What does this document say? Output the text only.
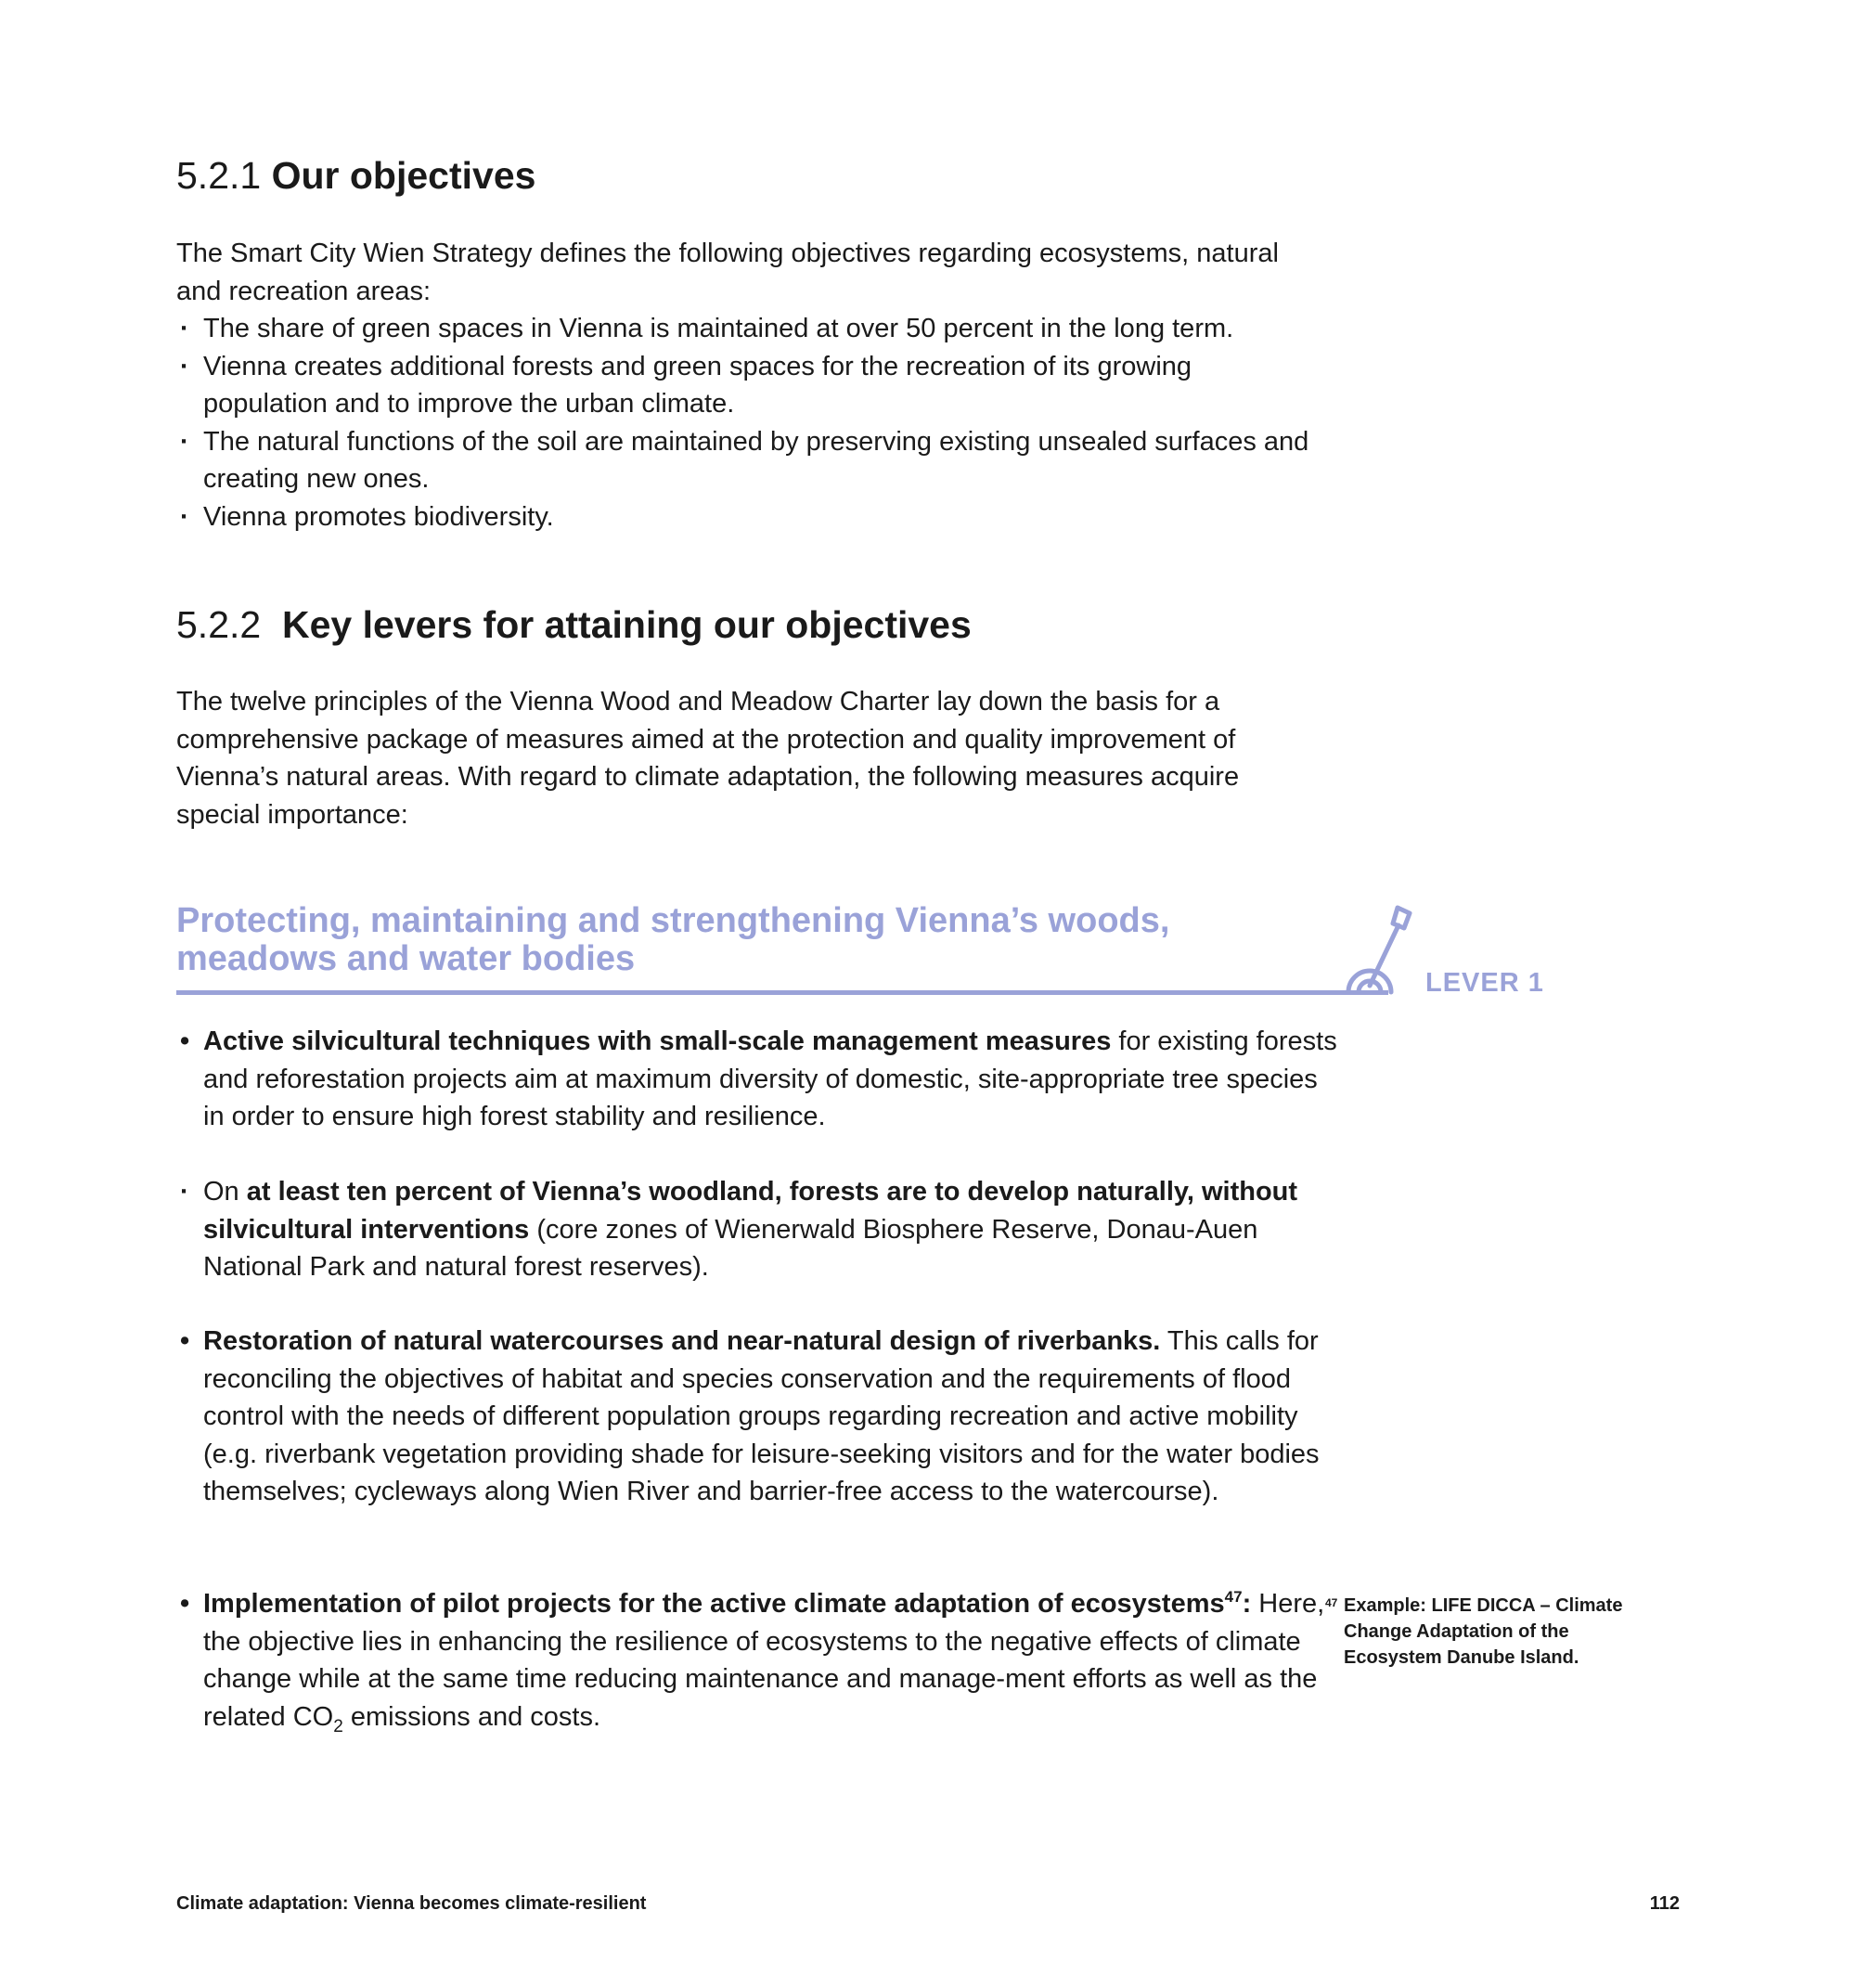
5.2.1 Our objectives

The Smart City Wien Strategy defines the following objectives regarding ecosystems, natural and recreation areas:

· The share of green spaces in Vienna is maintained at over 50 percent in the long term.
· Vienna creates additional forests and green spaces for the recreation of its growing population and to improve the urban climate.
· The natural functions of the soil are maintained by preserving existing unsealed surfaces and creating new ones.
· Vienna promotes biodiversity.
5.2.2 Key levers for attaining our objectives

The twelve principles of the Vienna Wood and Meadow Charter lay down the basis for a comprehensive package of measures aimed at the protection and quality improvement of Vienna’s natural areas. With regard to climate adaptation, the following measures acquire special importance:

Protecting, maintaining and strengthening Vienna’s woods,
meadows and water bodies
LEVER 1
• Active silvicultural techniques with small-scale management measures for existing forests and reforestation projects aim at maximum diversity of domestic, site-appropriate tree species in order to ensure high forest stability and resilience.
· On at least ten percent of Vienna’s woodland, forests are to develop naturally, without silvicultural interventions (core zones of Wienerwald Biosphere Reserve, Donau-Auen National Park and natural forest reserves).
• Restoration of natural watercourses and near-natural design of riverbanks. This calls for reconciling the objectives of habitat and species conservation and the requirements of flood control with the needs of different population groups regarding recreation and active mobility (e.g. riverbank vegetation providing shade for leisure-seeking visitors and for the water bodies themselves; cycleways along Wien River and barrier-free access to the watercourse).
• Implementation of pilot projects for the active climate adaptation of ecosystems$^{47}$: Here, the objective lies in enhancing the resilience of ecosystems to the negative effects of climate change while at the same time reducing maintenance and manage-ment efforts as well as the related $CO_2$ emissions and costs.
47 Example: LIFE DICCA – Climate Change Adaptation of the Ecosystem Danube Island.
Climate adaptation: Vienna becomes climate-resilient	112
